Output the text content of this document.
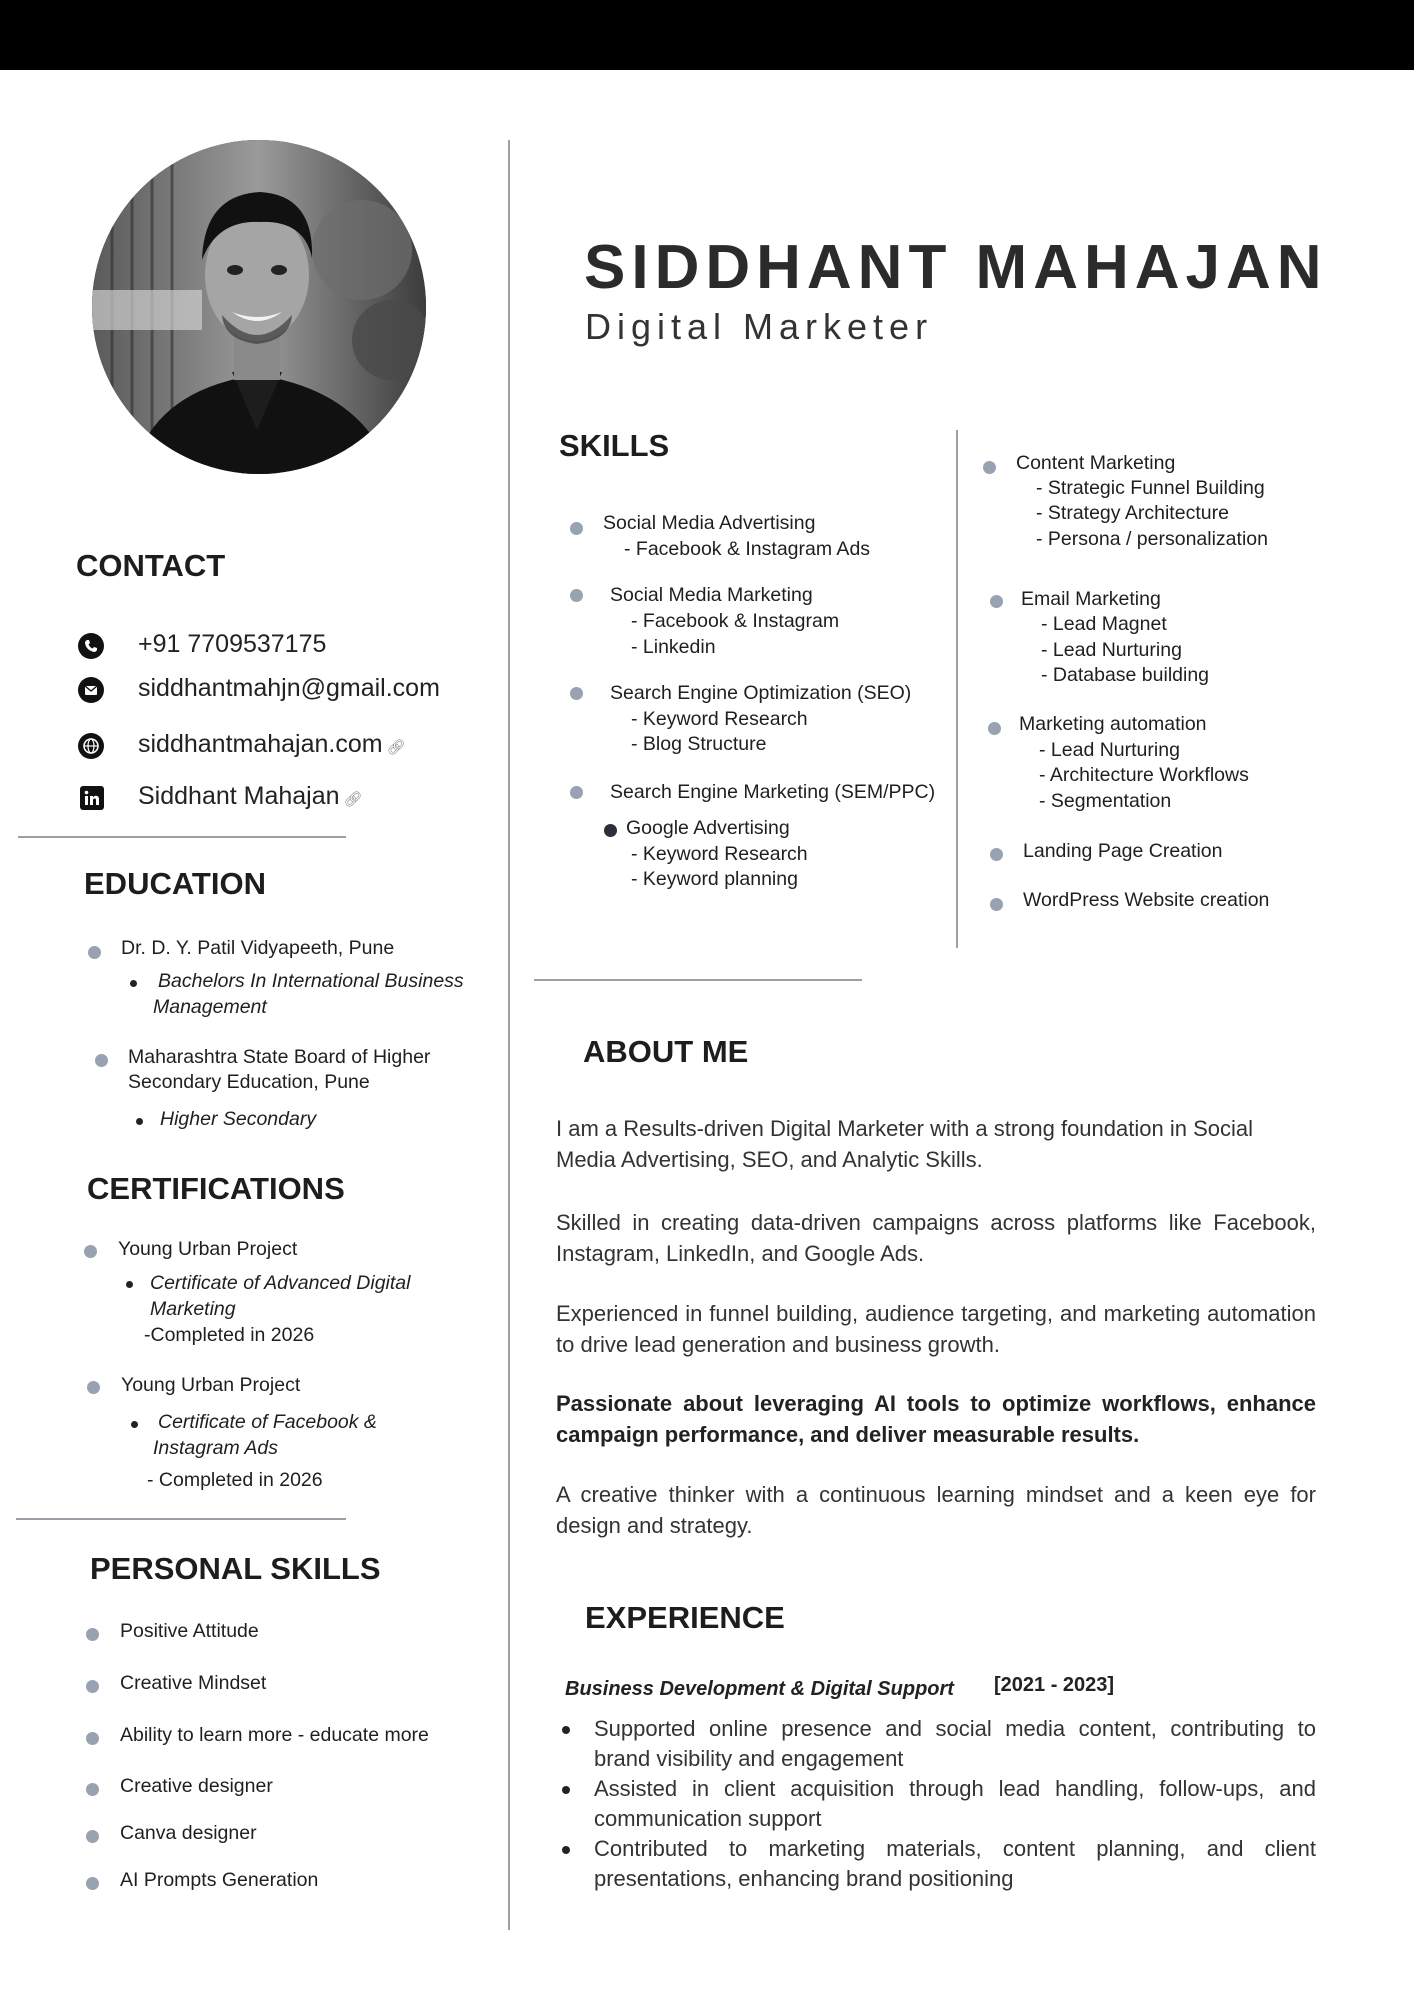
SIDDHANT MAHAJAN
Digital Marketer
CONTACT
+91 7709537175
siddhantmahjn@gmail.com
siddhantmahajan.com 🔗︎
Siddhant Mahajan 🔗︎
EDUCATION
Dr. D. Y. Patil Vidyapeeth, Pune
Bachelors In International Business
Management
Maharashtra State Board of Higher
Secondary Education, Pune
Higher Secondary
CERTIFICATIONS
Young Urban Project
Certificate of Advanced Digital
Marketing
-Completed in 2026
Young Urban Project
Certificate of Facebook &
Instagram Ads
- Completed in 2026
PERSONAL SKILLS
Positive Attitude
Creative Mindset
Ability to learn more - educate more
Creative designer
Canva designer
AI Prompts Generation
SKILLS
Social Media Advertising
- Facebook & Instagram Ads
Social Media Marketing
- Facebook & Instagram
- Linkedin
Search Engine Optimization (SEO)
- Keyword Research
- Blog Structure
Search Engine Marketing (SEM/PPC)
Google Advertising
- Keyword Research
- Keyword planning
Content Marketing
- Strategic Funnel Building
- Strategy Architecture
- Persona / personalization
Email Marketing
- Lead Magnet
- Lead Nurturing
- Database building
Marketing automation
- Lead Nurturing
- Architecture Workflows
- Segmentation
Landing Page Creation
WordPress Website creation
ABOUT ME
I am a Results-driven Digital Marketer with a strong foundation in Social Media Advertising, SEO, and Analytic Skills.
Skilled in creating data-driven campaigns across platforms like Facebook, Instagram, LinkedIn, and Google Ads.
Experienced in funnel building, audience targeting, and marketing automation to drive lead generation and business growth.
Passionate about leveraging AI tools to optimize workflows, enhance campaign performance, and deliver measurable results.
A creative thinker with a continuous learning mindset and a keen eye for design and strategy.
EXPERIENCE
Business Development & Digital Support [2021 - 2023]
Supported online presence and social media content, contributing to brand visibility and engagement
Assisted in client acquisition through lead handling, follow-ups, and communication support
Contributed to marketing materials, content planning, and client presentations, enhancing brand positioning
